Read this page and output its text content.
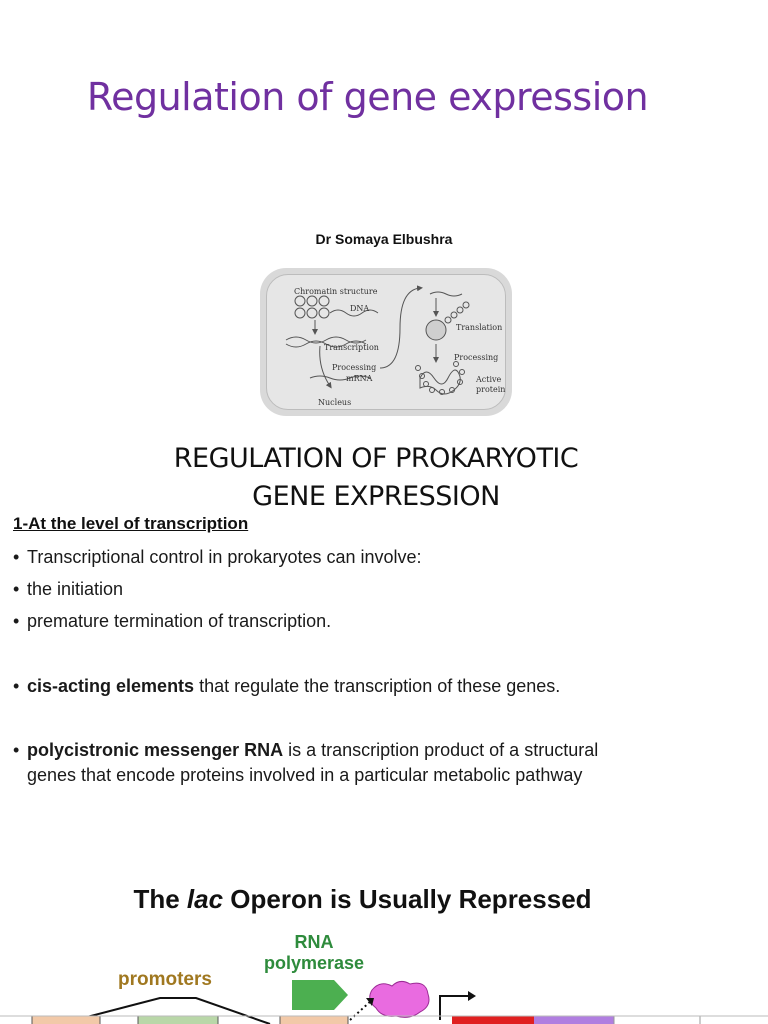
Regulation of gene expression
Dr Somaya Elbushra
Chromatin structure
DNA
Transcription
Processing
mRNA
Nucleus
Translation
Processing
Active
protein
REGULATION OF PROKARYOTIC
GENE EXPRESSION
1-At the level of transcription
• Transcriptional control in prokaryotes can involve:
• the initiation
• premature termination of transcription.
• cis-acting elements that regulate the transcription of these genes.
• polycistronic messenger RNA is a transcription product of a structural
genes that encode proteins involved in a particular metabolic pathway
The lac Operon is Usually Repressed
RNA
polymerase
promoters
